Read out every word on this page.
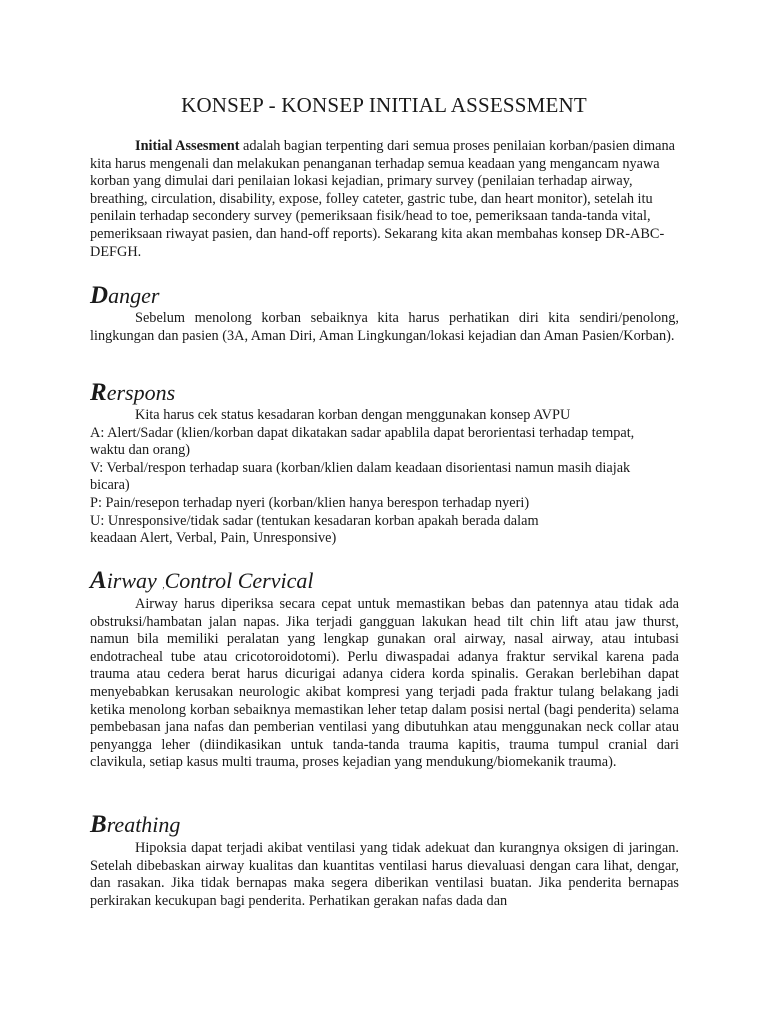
KONSEP - KONSEP INITIAL ASSESSMENT
Initial Assesment adalah bagian terpenting dari semua proses penilaian korban/pasien dimana kita harus mengenali dan melakukan penanganan terhadap semua keadaan yang mengancam nyawa korban yang dimulai dari penilaian lokasi kejadian, primary survey (penilaian terhadap airway, breathing, circulation, disability, expose, folley cateter, gastric tube, dan heart monitor), setelah itu penilain terhadap secondery survey (pemeriksaan fisik/head to toe, pemeriksaan tanda-tanda vital, pemeriksaan riwayat pasien, dan hand-off reports). Sekarang kita akan membahas konsep DR-ABC-DEFGH.
Danger
Sebelum menolong korban sebaiknya kita harus perhatikan diri kita sendiri/penolong, lingkungan dan pasien (3A, Aman Diri, Aman Lingkungan/lokasi kejadian dan Aman Pasien/Korban).
Rerspons
Kita harus cek status kesadaran korban dengan menggunakan konsep AVPU
A: Alert/Sadar (klien/korban dapat dikatakan sadar apablila dapat berorientasi terhadap tempat,
waktu dan orang)
V: Verbal/respon terhadap suara (korban/klien dalam keadaan disorientasi namun masih diajak
bicara)
P: Pain/resepon terhadap nyeri (korban/klien hanya berespon terhadap nyeri)
U: Unresponsive/tidak sadar (tentukan kesadaran korban apakah berada dalam
keadaan Alert, Verbal, Pain, Unresponsive)
Airway ,Control Cervical
Airway harus diperiksa secara cepat untuk memastikan bebas dan patennya atau tidak ada obstruksi/hambatan jalan napas. Jika terjadi gangguan lakukan head tilt chin lift atau jaw thurst, namun bila memiliki peralatan yang lengkap gunakan oral airway, nasal airway, atau intubasi endotracheal tube atau cricotoroidotomi). Perlu diwaspadai adanya fraktur servikal karena pada trauma atau cedera berat harus dicurigai adanya cidera korda spinalis. Gerakan berlebihan dapat menyebabkan kerusakan neurologic akibat kompresi yang terjadi pada fraktur tulang belakang jadi ketika menolong korban sebaiknya memastikan leher tetap dalam posisi nertal (bagi penderita) selama pembebasan jana nafas dan pemberian ventilasi yang dibutuhkan atau menggunakan neck collar atau penyangga leher (diindikasikan untuk tanda-tanda trauma kapitis, trauma tumpul cranial dari clavikula, setiap kasus multi trauma, proses kejadian yang mendukung/biomekanik trauma).
Breathing
Hipoksia dapat terjadi akibat ventilasi yang tidak adekuat dan kurangnya oksigen di jaringan. Setelah dibebaskan airway kualitas dan kuantitas ventilasi harus dievaluasi dengan cara lihat, dengar, dan rasakan. Jika tidak bernapas maka segera diberikan ventilasi buatan. Jika penderita bernapas perkirakan kecukupan bagi penderita. Perhatikan gerakan nafas dada dan
